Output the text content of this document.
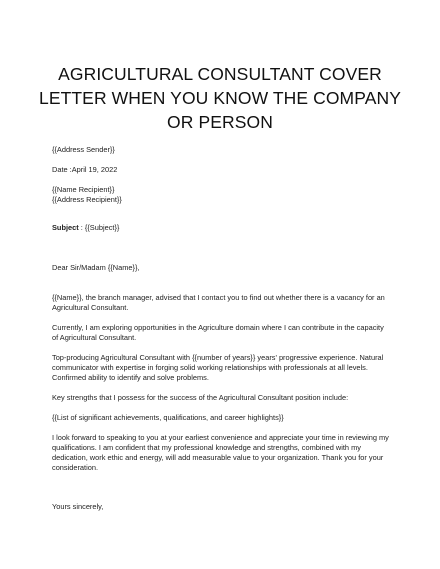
AGRICULTURAL CONSULTANT COVER
LETTER WHEN YOU KNOW THE COMPANY
OR PERSON
{{Address Sender}}
Date :April 19, 2022
{{Name Recipient}}
{{Address Recipient}}
Subject : {{Subject}}
Dear Sir/Madam {{Name}},
{{Name}}, the branch manager, advised that I contact you to find out whether there is a vacancy for an
Agricultural Consultant.
Currently, I am exploring opportunities in the Agriculture domain where I can contribute in the capacity
of Agricultural Consultant.
Top-producing Agricultural Consultant with {{number of years}} years' progressive experience. Natural
communicator with expertise in forging solid working relationships with professionals at all levels.
Confirmed ability to identify and solve problems.
Key strengths that I possess for the success of the Agricultural Consultant position include:
{{List of significant achievements, qualifications, and career highlights}}
I look forward to speaking to you at your earliest convenience and appreciate your time in reviewing my
qualifications. I am confident that my professional knowledge and strengths, combined with my
dedication, work ethic and energy, will add measurable value to your organization. Thank you for your
consideration.
Yours sincerely,
